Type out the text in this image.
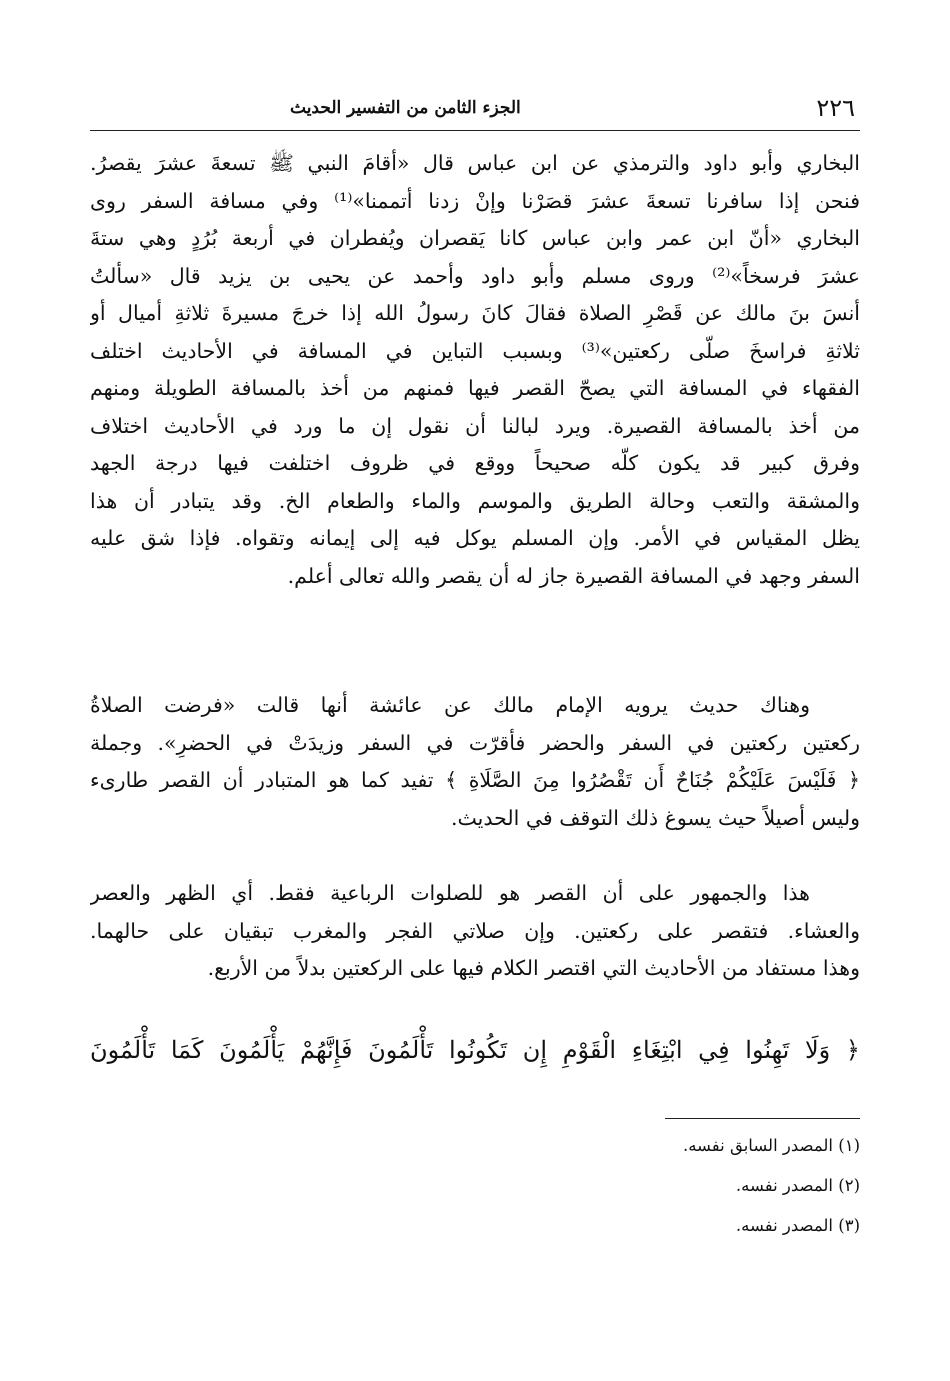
٢٢٦
الجزء الثامن من التفسير الحديث
البخاري وأبو داود والترمذي عن ابن عباس قال «أقامَ النبي ﷺ تسعةَ عشرَ يقصرُ.
فنحن إذا سافرنا تسعةَ عشرَ قصَرْنا وإنْ زدنا أتممنا»⁽¹⁾ وفي مسافة السفر روى
البخاري «أنّ ابن عمر وابن عباس كانا يَقصران ويُفطران في أربعة بُرُدٍ وهي ستةَ
عشرَ فرسخاً»⁽²⁾ وروى مسلم وأبو داود وأحمد عن يحيى بن يزيد قال «سألتُ
أنسَ بنَ مالك عن قَصْرِ الصلاة فقالَ كانَ رسولُ الله إذا خرجَ مسيرةَ ثلاثةِ أميال أو
ثلاثةِ فراسخَ صلّى ركعتين»⁽³⁾ وبسبب التباين في المسافة في الأحاديث اختلف
الفقهاء في المسافة التي يصحّ القصر فيها فمنهم من أخذ بالمسافة الطويلة ومنهم
من أخذ بالمسافة القصيرة. ويرد لبالنا أن نقول إن ما ورد في الأحاديث اختلاف
وفرق كبير قد يكون كلّه صحيحاً ووقع في ظروف اختلفت فيها درجة الجهد
والمشقة والتعب وحالة الطريق والموسم والماء والطعام الخ. وقد يتبادر أن هذا
يظل المقياس في الأمر. وإن المسلم يوكل فيه إلى إيمانه وتقواه. فإذا شق عليه
السفر وجهد في المسافة القصيرة جاز له أن يقصر والله تعالى أعلم.
وهناك حديث يرويه الإمام مالك عن عائشة أنها قالت «فرضت الصلاةُ
ركعتين ركعتين في السفر والحضر فأقرّت في السفر وزيدَتْ في الحضرِ». وجملة
﴿ فَلَيْسَ عَلَيْكُمْ جُنَاحٌ أَن تَقْصُرُوا مِنَ الصَّلَاةِ ﴾ تفيد كما هو المتبادر أن القصر طارىء
وليس أصيلاً حيث يسوغ ذلك التوقف في الحديث.
هذا والجمهور على أن القصر هو للصلوات الرباعية فقط. أي الظهر والعصر
والعشاء. فتقصر على ركعتين. وإن صلاتي الفجر والمغرب تبقيان على حالهما.
وهذا مستفاد من الأحاديث التي اقتصر الكلام فيها على الركعتين بدلاً من الأربع.
﴿ وَلَا تَهِنُوا فِي ابْتِغَاءِ الْقَوْمِ إِن تَكُونُوا تَأْلَمُونَ فَإِنَّهُمْ يَأْلَمُونَ كَمَا تَأْلَمُونَ
(١) المصدر السابق نفسه.
(٢) المصدر نفسه.
(٣) المصدر نفسه.
